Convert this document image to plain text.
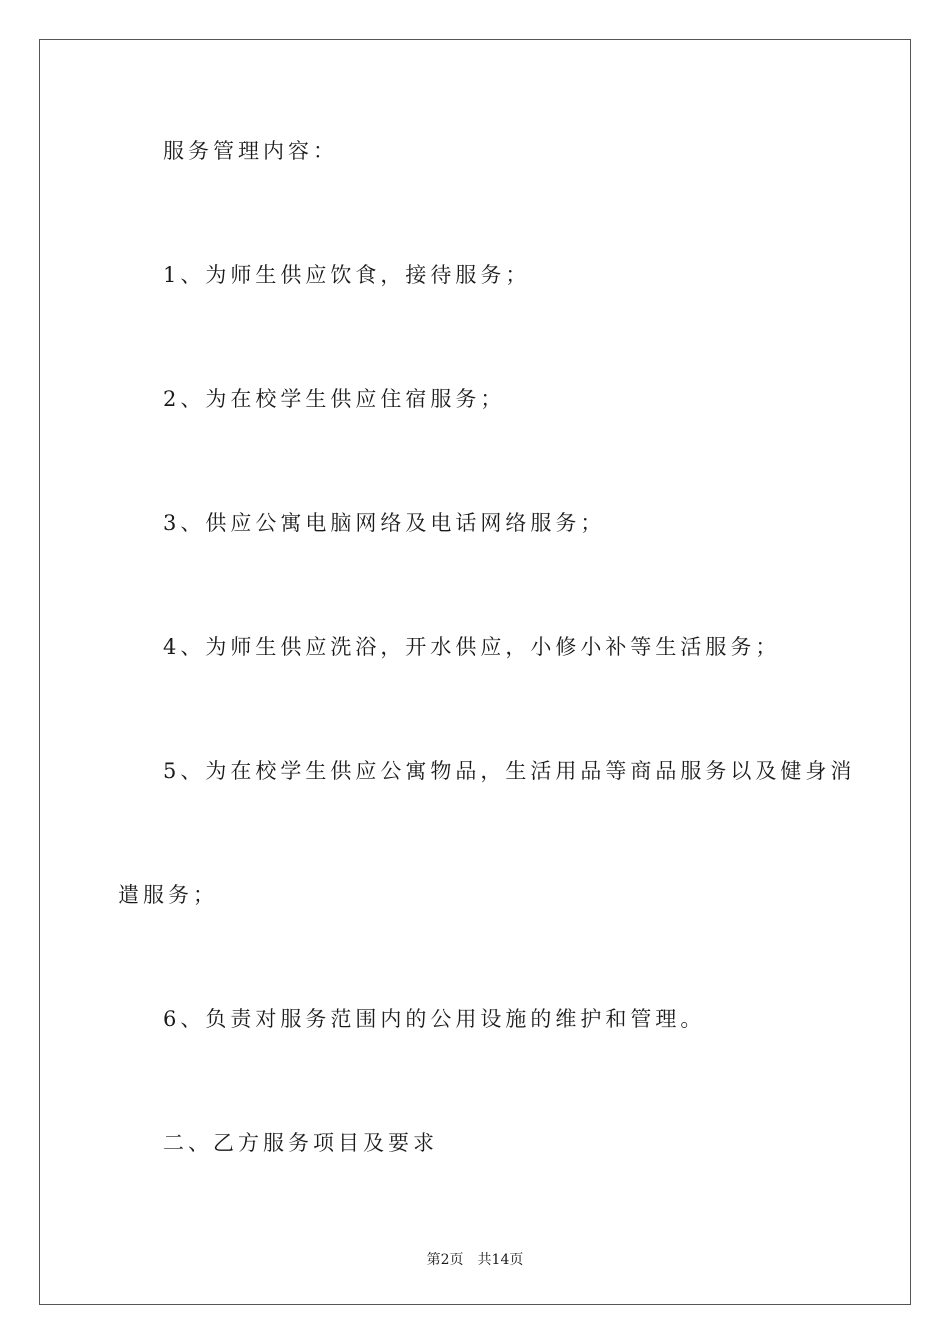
服务管理内容：
1、为师生供应饮食，接待服务；
2、为在校学生供应住宿服务；
3、供应公寓电脑网络及电话网络服务；
4、为师生供应洗浴，开水供应，小修小补等生活服务；
5、为在校学生供应公寓物品，生活用品等商品服务以及健身消
遣服务；
6、负责对服务范围内的公用设施的维护和管理。
二、乙方服务项目及要求
第2页 共14页
